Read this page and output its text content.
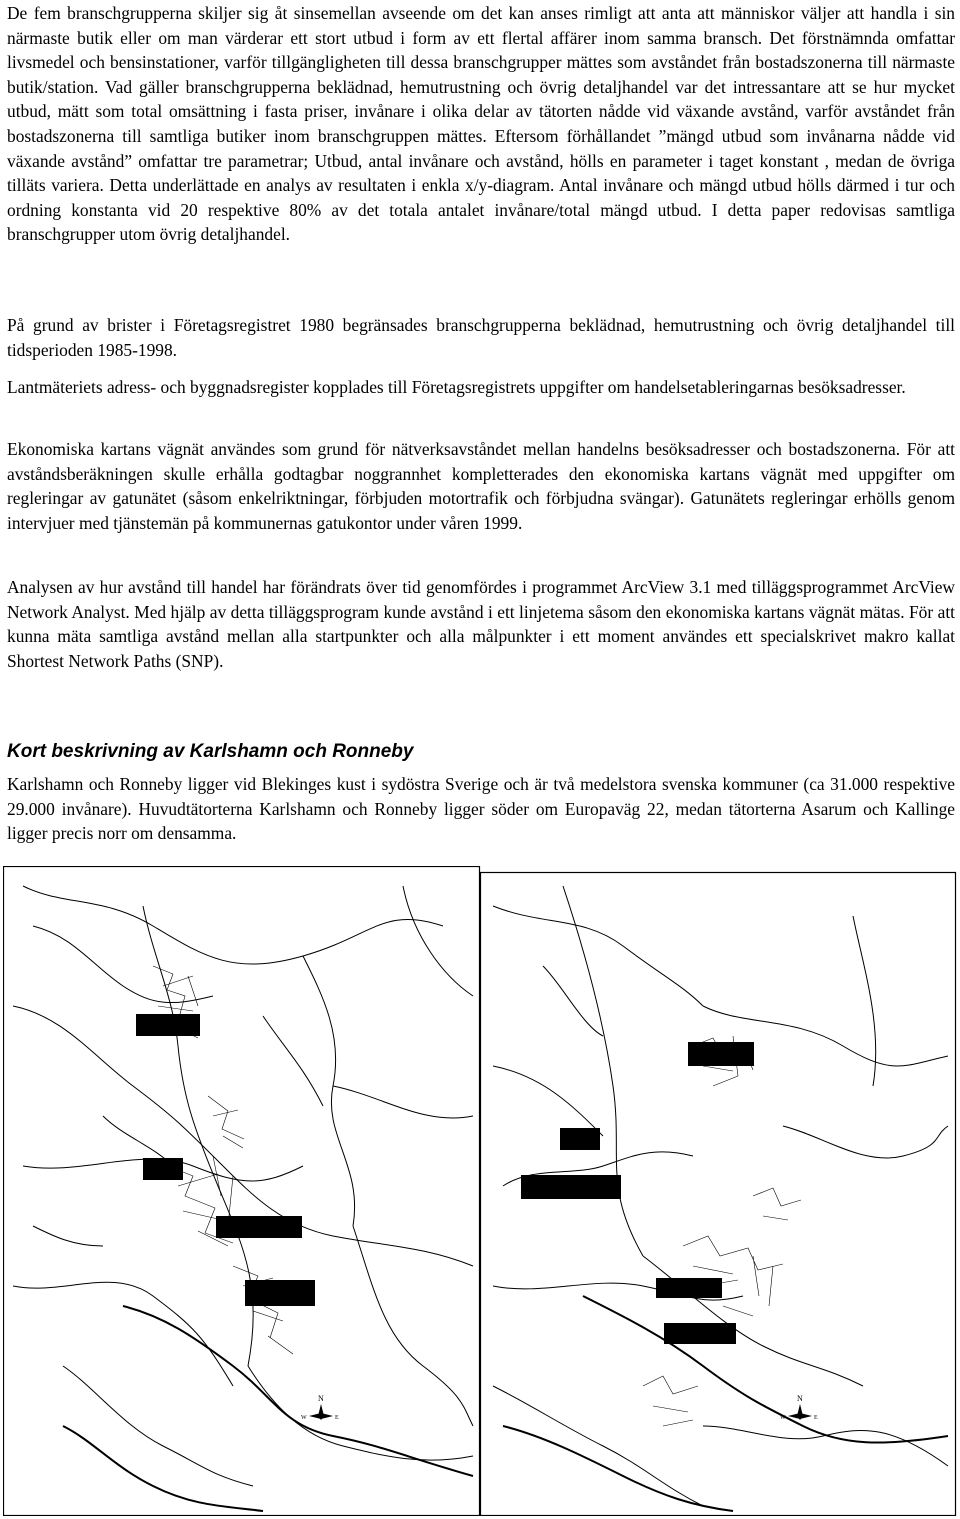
De fem branschgrupperna skiljer sig åt sinsemellan avseende om det kan anses rimligt att anta att människor väljer att handla i sin närmaste butik eller om man värderar ett stort utbud i form av ett flertal affärer inom samma bransch. Det förstnämnda omfattar livsmedel och bensinstationer, varför tillgängligheten till dessa branschgrupper mättes som avståndet från bostadszonerna till närmaste butik/station. Vad gäller branschgrupperna beklädnad, hemutrustning och övrig detaljhandel var det intressantare att se hur mycket utbud, mätt som total omsättning i fasta priser, invånare i olika delar av tätorten nådde vid växande avstånd, varför avståndet från bostadszonerna till samtliga butiker inom branschgruppen mättes. Eftersom förhållandet ”mängd utbud som invånarna nådde vid växande avstånd” omfattar tre parametrar; Utbud, antal invånare och avstånd, hölls en parameter i taget konstant , medan de övriga tilläts variera. Detta underlättade en analys av resultaten i enkla x/y-diagram. Antal invånare och mängd utbud hölls därmed i tur och ordning konstanta vid 20 respektive 80% av det totala antalet invånare/total mängd utbud. I detta paper redovisas samtliga branschgrupper utom övrig detaljhandel.

På grund av brister i Företagsregistret 1980 begränsades branschgrupperna beklädnad, hemutrustning och övrig detaljhandel till tidsperioden 1985-1998.

Lantmäteriets adress- och byggnadsregister kopplades till Företagsregistrets uppgifter om handelsetableringarnas besöksadresser.

Ekonomiska kartans vägnät användes som grund för nätverksavståndet mellan handelns besöksadresser och bostadszonerna. För att avståndsberäkningen skulle erhålla godtagbar noggrannhet kompletterades den ekonomiska kartans vägnät med uppgifter om regleringar av gatunätet (såsom enkelriktningar, förbjuden motortrafik och förbjudna svängar). Gatunätets regleringar erhölls genom intervjuer med tjänstemän på kommunernas gatukontor under våren 1999.

Analysen av hur avstånd till handel har förändrats över tid genomfördes i programmet ArcView 3.1 med tilläggsprogrammet ArcView Network Analyst. Med hjälp av detta tilläggsprogram kunde avstånd i ett linjetema såsom den ekonomiska kartans vägnät mätas. För att kunna mäta samtliga avstånd mellan alla startpunkter och alla målpunkter i ett moment användes ett specialskrivet makro kallat Shortest Network Paths (SNP).

Kort beskrivning av Karlshamn och Ronneby

Karlshamn och Ronneby ligger vid Blekinges kust i sydöstra Sverige och är två medelstora svenska kommuner (ca 31.000 respektive 29.000 invånare). Huvudtätorterna Karlshamn och Ronneby ligger söder om Europaväg 22, medan tätorterna Asarum och Kallinge ligger precis norr om densamma.

N
W	E
N
W	E
